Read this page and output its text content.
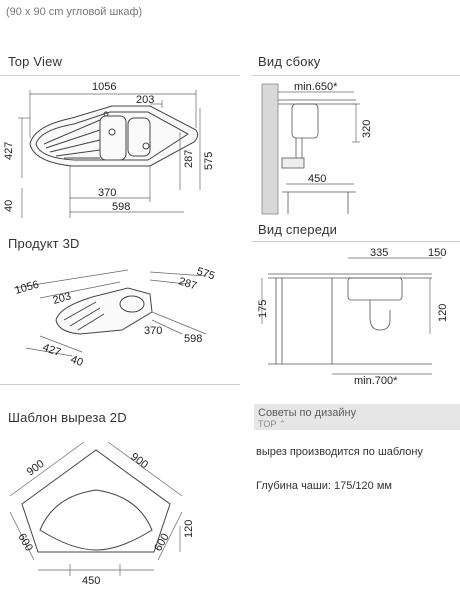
(90 x 90 cm угловой шкаф)
Top View	Вид сбоку
Продукт 3D
Вид спереди
Шаблон выреза 2D
1056
203
427
40
287 575
370
598
min.650*
320
450
575
287
1056
203
370
598
427
40
335	150
175	120
min.700*
900	900
600	600
120
450
Советы по дизайну
TOP ⌃
вырез производится по шаблону
Глубина чаши: 175/120 мм
